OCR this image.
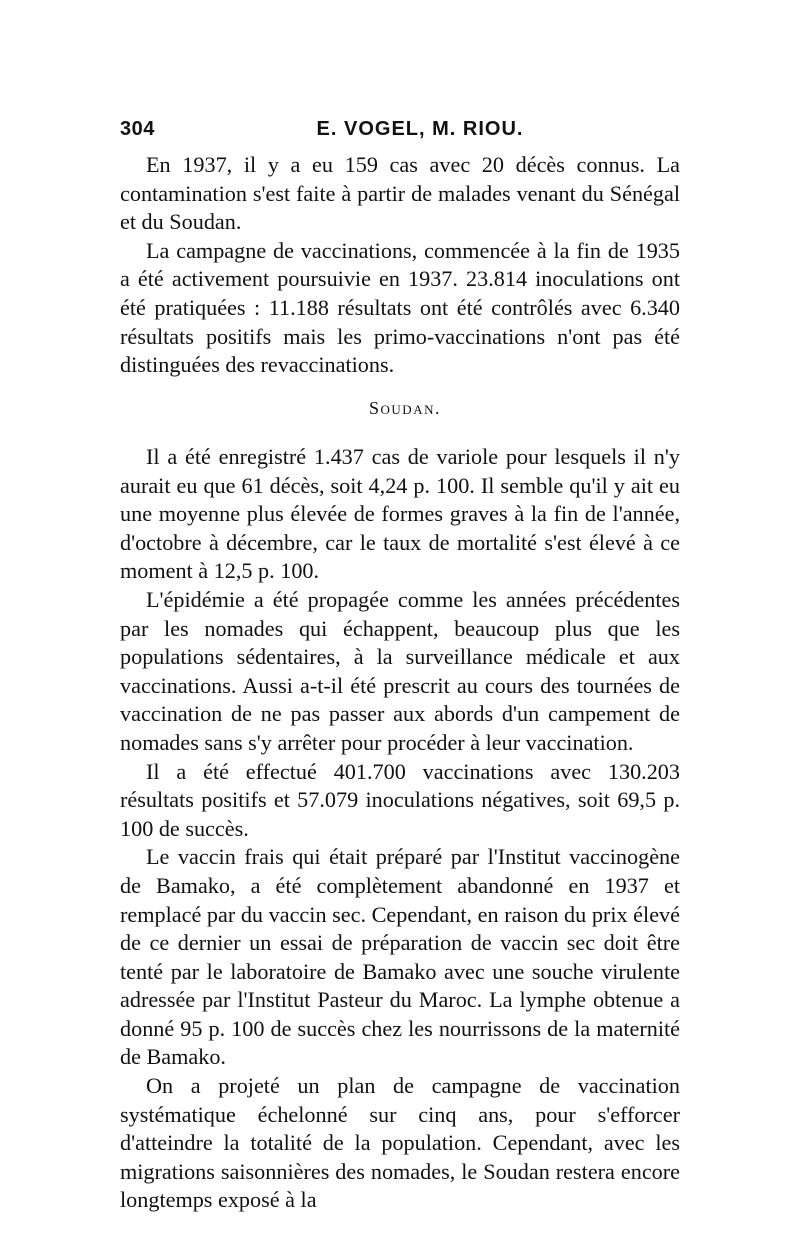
304	E. VOGEL, M. RIOU.

En 1937, il y a eu 159 cas avec 20 décès connus. La contamination s'est faite à partir de malades venant du Sénégal et du Soudan.

La campagne de vaccinations, commencée à la fin de 1935 a été activement poursuivie en 1937. 23.814 inoculations ont été pratiquées : 11.188 résultats ont été contrôlés avec 6.340 résultats positifs mais les primo-vaccinations n'ont pas été distinguées des revaccinations.

Soudan.

Il a été enregistré 1.437 cas de variole pour lesquels il n'y aurait eu que 61 décès, soit 4,24 p. 100. Il semble qu'il y ait eu une moyenne plus élevée de formes graves à la fin de l'année, d'octobre à décembre, car le taux de mortalité s'est élevé à ce moment à 12,5 p. 100.

L'épidémie a été propagée comme les années précédentes par les nomades qui échappent, beaucoup plus que les populations sédentaires, à la surveillance médicale et aux vaccinations. Aussi a-t-il été prescrit au cours des tournées de vaccination de ne pas passer aux abords d'un campement de nomades sans s'y arrêter pour procéder à leur vaccination.

Il a été effectué 401.700 vaccinations avec 130.203 résultats positifs et 57.079 inoculations négatives, soit 69,5 p. 100 de succès.

Le vaccin frais qui était préparé par l'Institut vaccinogène de Bamako, a été complètement abandonné en 1937 et remplacé par du vaccin sec. Cependant, en raison du prix élevé de ce dernier un essai de préparation de vaccin sec doit être tenté par le laboratoire de Bamako avec une souche virulente adressée par l'Institut Pasteur du Maroc. La lymphe obtenue a donné 95 p. 100 de succès chez les nourrissons de la maternité de Bamako.

On a projeté un plan de campagne de vaccination systématique échelonné sur cinq ans, pour s'efforcer d'atteindre la totalité de la population. Cependant, avec les migrations saisonnières des nomades, le Soudan restera encore longtemps exposé à la
